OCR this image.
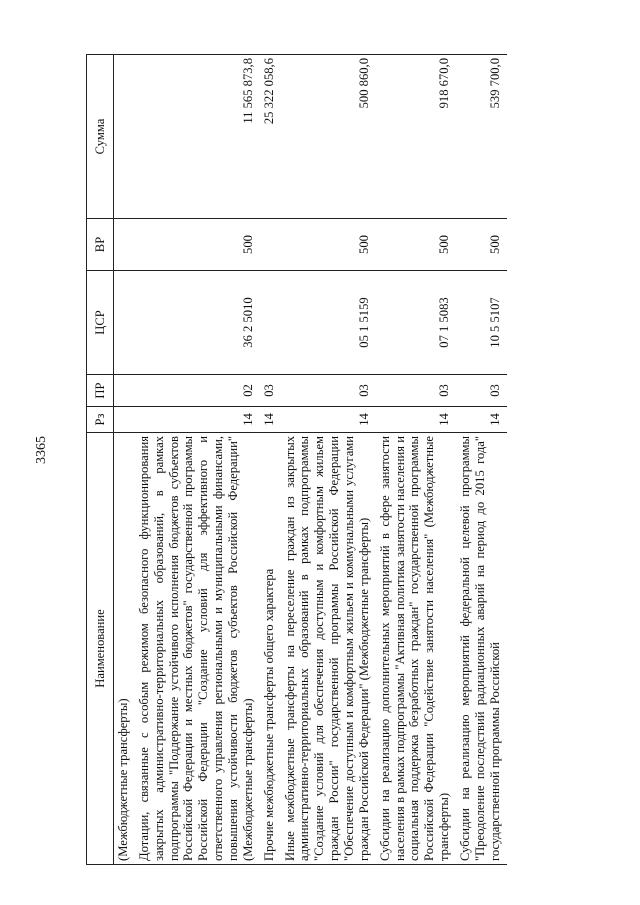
3365
Наименование	Рз	ПР	ЦСР	ВР	Сумма
(Межбюджетные трансферты)					
Дотации, связанные с особым режимом безопасного функционирования закрытых административно-территориальных образований, в рамках подпрограммы "Поддержание устойчивого исполнения бюджетов субъектов Российской Федерации и местных бюджетов" государственной программы Российской Федерации "Создание условий для эффективного и ответственного управления региональными и муниципальными финансами, повышения устойчивости бюджетов субъектов Российской Федерации" (Межбюджетные трансферты)	14	02	36 2 5010	500	11 565 873,8
Прочие межбюджетные трансферты общего характера	14	03			25 322 058,6
Иные межбюджетные трансферты на переселение граждан из закрытых административно-территориальных образований в рамках подпрограммы "Создание условий для обеспечения доступным и комфортным жильем граждан России" государственной программы Российской Федерации "Обеспечение доступным и комфортным жильем и коммунальными услугами граждан Российской Федерации" (Межбюджетные трансферты)	14	03	05 1 5159	500	500 860,0
Субсидии на реализацию дополнительных мероприятий в сфере занятости населения в рамках подпрограммы "Активная политика занятости населения и социальная поддержка безработных граждан" государственной программы Российской Федерации "Содействие занятости населения" (Межбюджетные трансферты)	14	03	07 1 5083	500	918 670,0
Субсидии на реализацию мероприятий федеральной целевой программы "Преодоление последствий радиационных аварий на период до 2015 года" государственной программы Российской	14	03	10 5 5107	500	539 700,0
